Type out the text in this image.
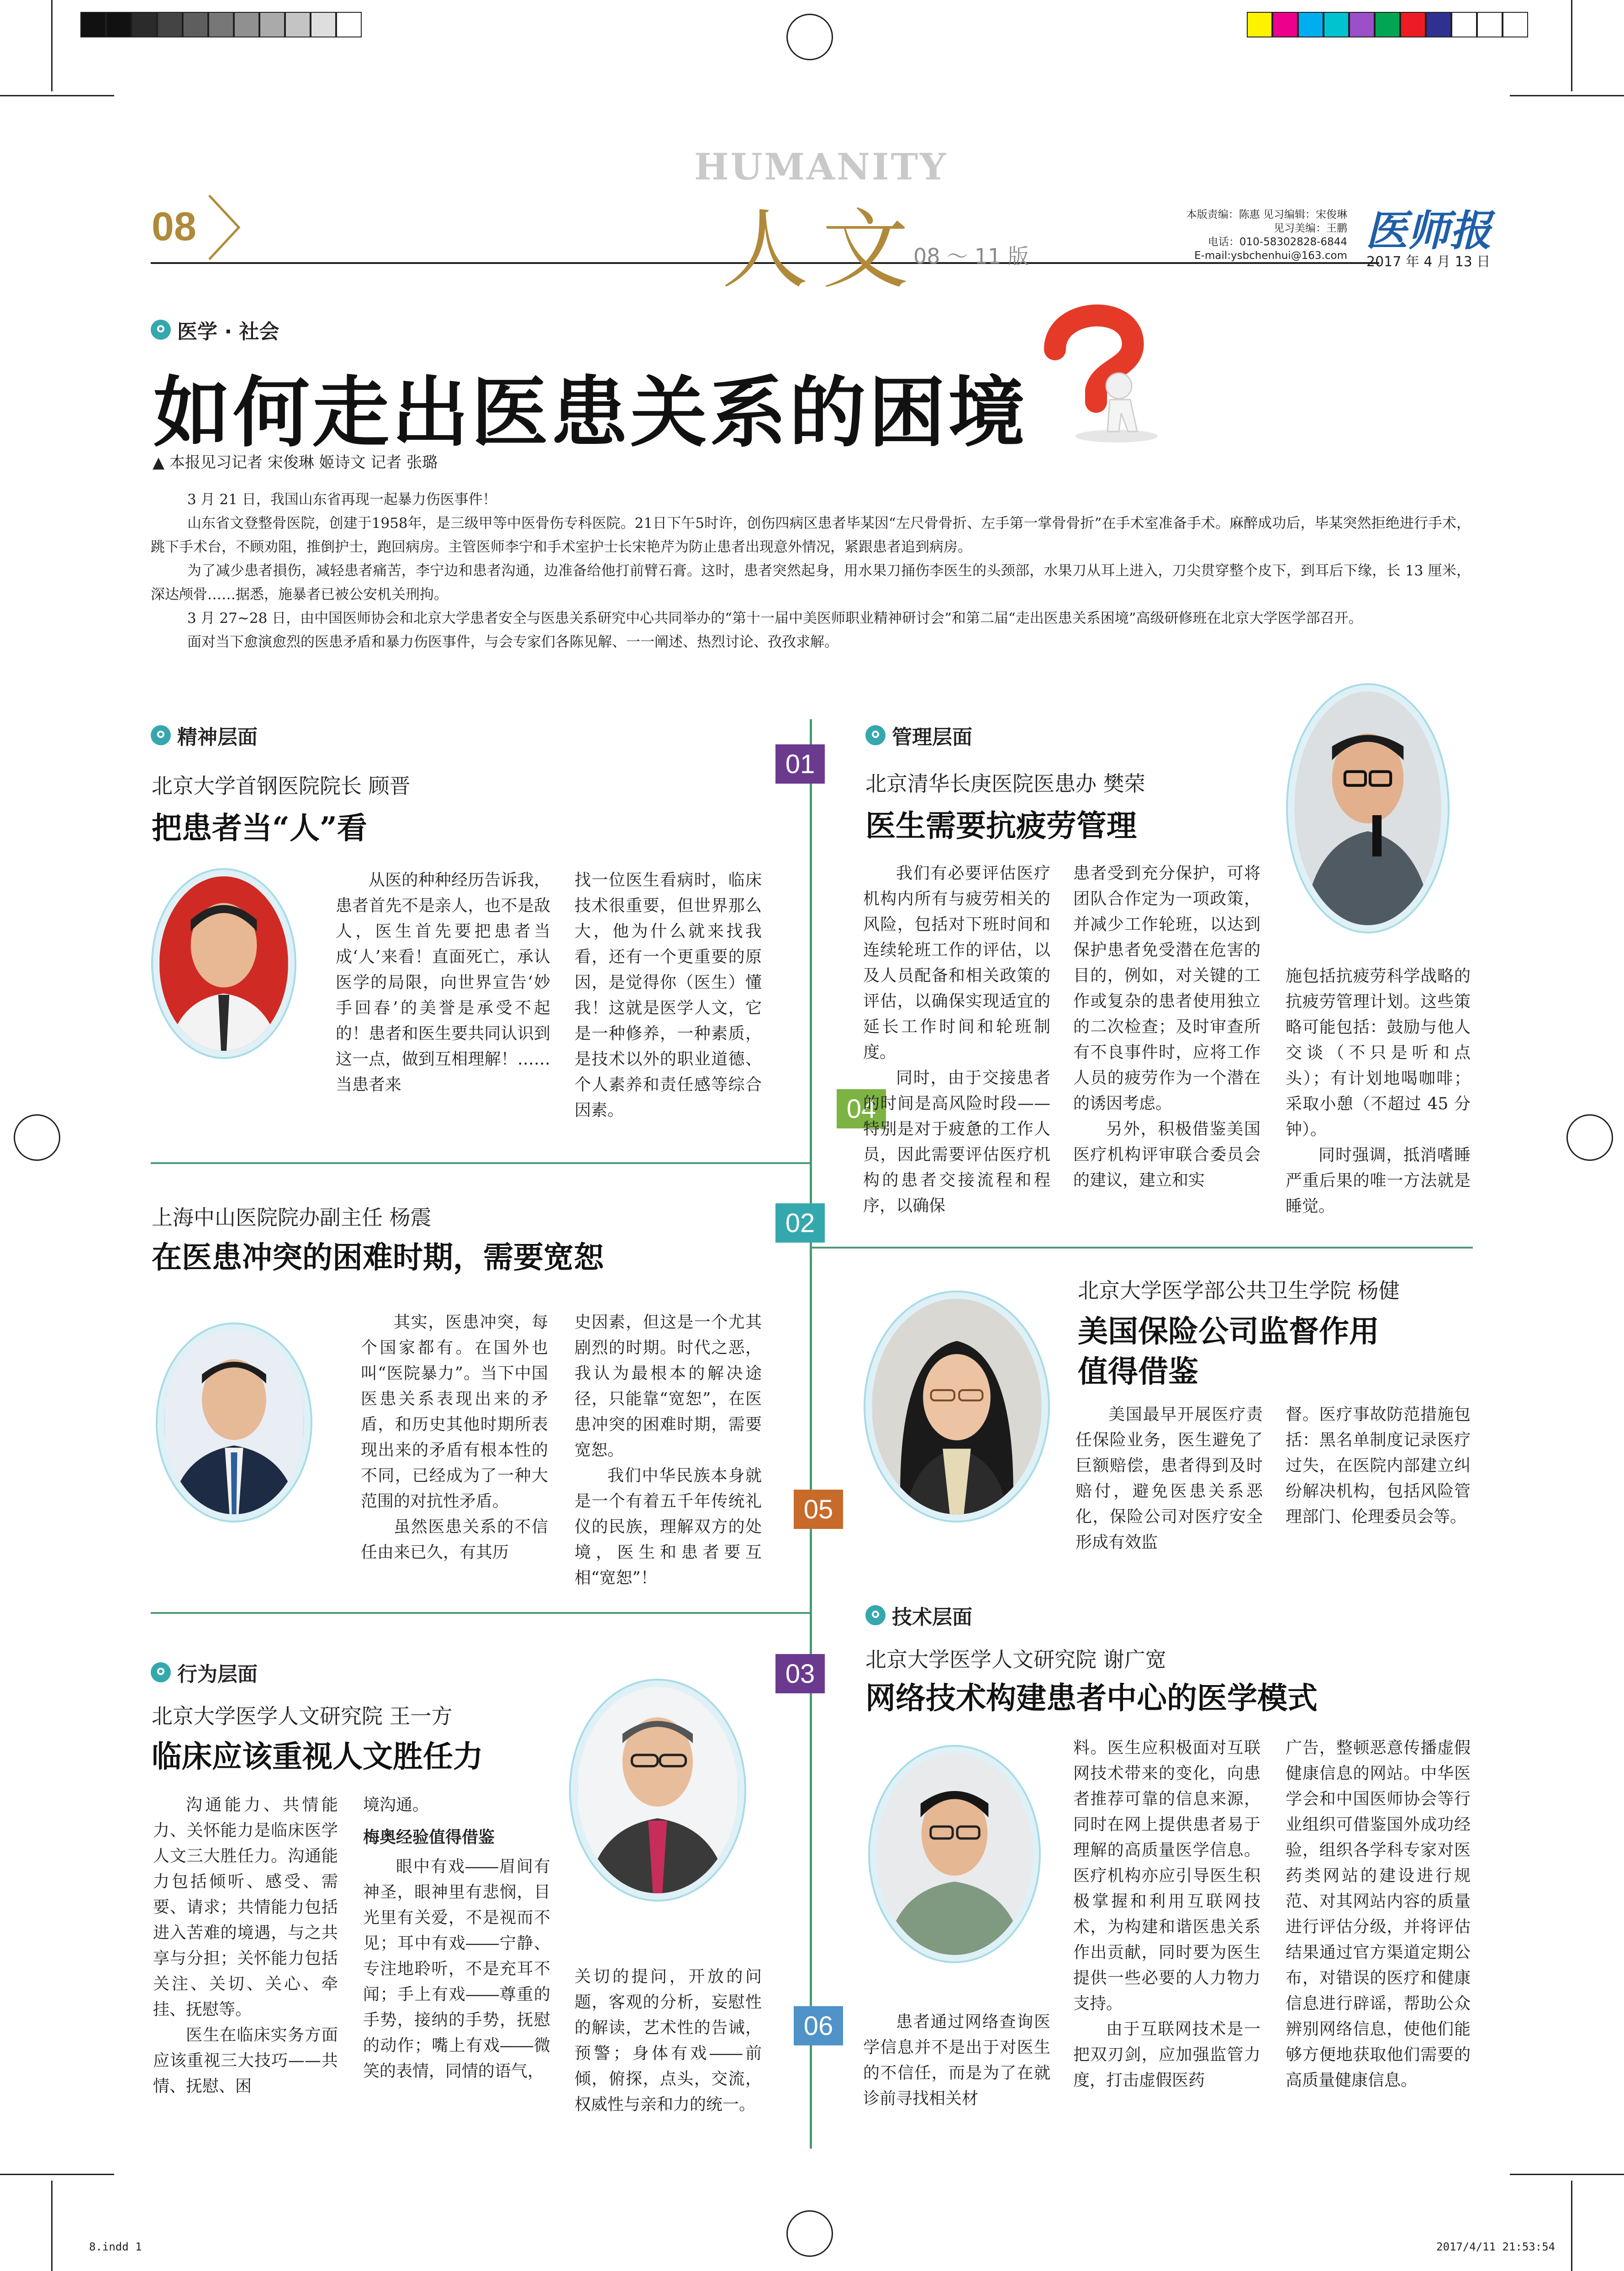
08
HUMANITY
人文
08 ～ 11 版
本版责编：陈惠 见习编辑：宋俊琳
见习美编：王鹏
电话：010-58302828-6844
E-mail:ysbchenhui@163.com
医师报
2017 年 4 月 13 日
医学 · 社会
如何走出医患关系的困境
▲ 本报见习记者 宋俊琳 姬诗文 记者 张璐

3 月 21 日，我国山东省再现一起暴力伤医事件！

山东省文登整骨医院，创建于1958年，是三级甲等中医骨伤专科医院。21日下午5时许，创伤四病区患者毕某因“左尺骨骨折、左手第一掌骨骨折”在手术室准备手术。麻醉成功后，毕某突然拒绝进行手术，跳下手术台，不顾劝阻，推倒护士，跑回病房。主管医师李宁和手术室护士长宋艳芹为防止患者出现意外情况，紧跟患者追到病房。

为了减少患者損伤，减轻患者痛苦，李宁边和患者沟通，边准备给他打前臂石膏。这时，患者突然起身，用水果刀捅伤李医生的头颈部，水果刀从耳上进入，刀尖贯穿整个皮下，到耳后下缘，长 13 厘米，深达颅骨……据悉，施暴者已被公安机关刑拘。

3 月 27~28 日，由中国医师协会和北京大学患者安全与医患关系研究中心共同举办的“第十一届中美医师职业精神研讨会”和第二届“走出医患关系困境”高级研修班在北京大学医学部召开。

面对当下愈演愈烈的医患矛盾和暴力伤医事件，与会专家们各陈见解、一一阐述、热烈讨论、孜孜求解。

01
04
02
05
03
06
精神层面
北京大学首钢医院院长 顾晋
把患者当“人”看
从医的种种经历告诉我，患者首先不是亲人，也不是敌人，医生首先要把患者当成‘人’来看！直面死亡，承认医学的局限，向世界宣告‘妙手回春’的美誉是承受不起的！患者和医生要共同认识到这一点，做到互相理解！……当患者来
找一位医生看病时，临床技术很重要，但世界那么大，他为什么就来找我看，还有一个更重要的原因，是觉得你（医生）懂我！这就是医学人文，它是一种修养，一种素质，是技术以外的职业道德、个人素养和责任感等综合因素。
上海中山医院院办副主任 杨震
在医患冲突的困难时期，需要宽恕
其实，医患冲突，每个国家都有。在国外也叫“医院暴力”。当下中国医患关系表现出来的矛盾，和历史其他时期所表现出来的矛盾有根本性的不同，已经成为了一种大范围的对抗性矛盾。
虽然医患关系的不信任由来已久，有其历
史因素，但这是一个尤其剧烈的时期。时代之恶，我认为最根本的解决途径，只能靠“宽恕”，在医患冲突的困难时期，需要宽恕。
我们中华民族本身就是一个有着五千年传统礼仪的民族，理解双方的处境，医生和患者要互相“宽恕”！
行为层面
北京大学医学人文研究院 王一方
临床应该重视人文胜任力
沟通能力、共情能力、关怀能力是临床医学人文三大胜任力。沟通能力包括倾听、感受、需要、请求；共情能力包括进入苦难的境遇，与之共享与分担；关怀能力包括关注、关切、关心、牵挂、抚慰等。
医生在临床实务方面应该重视三大技巧——共情、抚慰、困
境沟通。
梅奥经验值得借鉴
眼中有戏——眉间有神圣，眼神里有悲悯，目光里有关爱，不是视而不见；耳中有戏——宁静、专注地聆听，不是充耳不闻；手上有戏——尊重的手势，接纳的手势，抚慰的动作；嘴上有戏——微笑的表情，同情的语气，
关切的提问，开放的问题，客观的分析，妄慰性的解读，艺术性的告诫，预警；身体有戏——前倾，俯探，点头，交流，权威性与亲和力的统一。
管理层面
北京清华长庚医院医患办 樊荣
医生需要抗疲劳管理
我们有必要评估医疗机构内所有与疲劳相关的风险，包括对下班时间和连续轮班工作的评估，以及人员配备和相关政策的评估，以确保实现适宜的延长工作时间和轮班制度。
同时，由于交接患者的时间是高风险时段——特别是对于疲惫的工作人员，因此需要评估医疗机构的患者交接流程和程序，以确保
患者受到充分保护，可将团队合作定为一项政策，并减少工作轮班，以达到保护患者免受潜在危害的目的，例如，对关键的工作或复杂的患者使用独立的二次检查；及时审查所有不良事件时，应将工作人员的疲劳作为一个潜在的诱因考虑。
另外，积极借鉴美国医疗机构评审联合委员会的建议，建立和实
施包括抗疲劳科学战略的抗疲劳管理计划。这些策略可能包括：鼓励与他人交谈（不只是听和点头）；有计划地喝咖啡；采取小憩（不超过 45 分钟）。
同时强调，抵消嗜睡严重后果的唯一方法就是睡觉。
北京大学医学部公共卫生学院 杨健
美国保险公司监督作用
值得借鉴
美国最早开展医疗责任保险业务，医生避免了巨额赔偿，患者得到及时赔付，避免医患关系恶化，保险公司对医疗安全形成有效监
督。医疗事故防范措施包括：黑名单制度记录医疗过失，在医院内部建立纠纷解决机构，包括风险管理部门、伦理委员会等。
技术层面
北京大学医学人文研究院 谢广宽
网络技术构建患者中心的医学模式
患者通过网络查询医学信息并不是出于对医生的不信任，而是为了在就诊前寻找相关材
料。医生应积极面对互联网技术带来的变化，向患者推荐可靠的信息来源，同时在网上提供患者易于理解的高质量医学信息。医疗机构亦应引导医生积极掌握和利用互联网技术，为构建和谐医患关系作出贡献，同时要为医生提供一些必要的人力物力支持。
由于互联网技术是一把双刃剑，应加强监管力度，打击虚假医药
广告，整顿恶意传播虚假健康信息的网站。中华医学会和中国医师协会等行业组织可借鉴国外成功经验，组织各学科专家对医药类网站的建设进行规范、对其网站内容的质量进行评估分级，并将评估结果通过官方渠道定期公布，对错误的医疗和健康信息进行辟谣，帮助公众辨别网络信息，使他们能够方便地获取他们需要的高质量健康信息。
8.indd 1	2017/4/11 21:53:54
